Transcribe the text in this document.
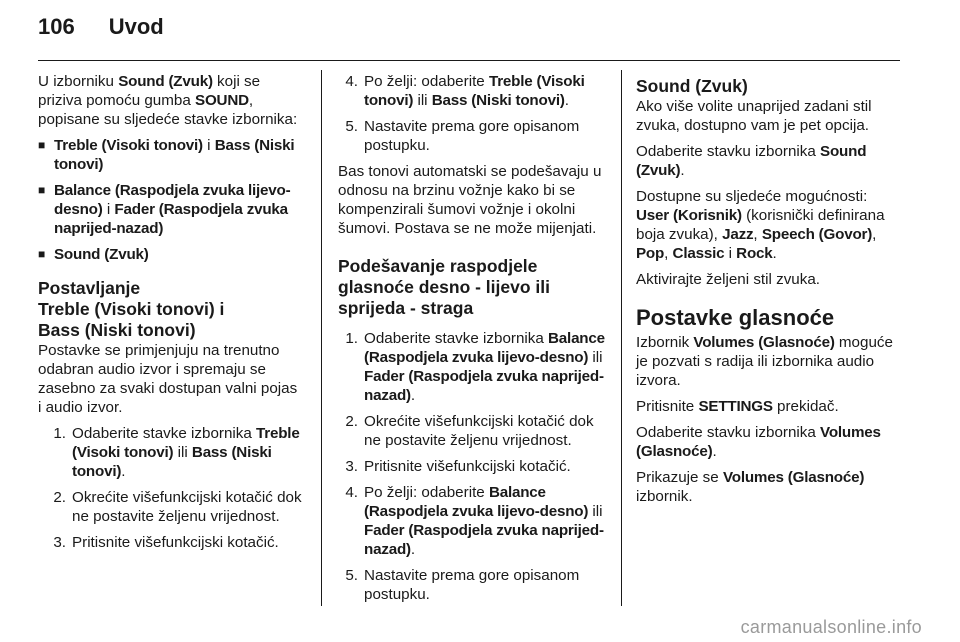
106 Uvod

U izborniku Sound (Zvuk) koji se priziva pomoću gumba SOUND, popisane su sljedeće stavke izbornika:

■ Treble (Visoki tonovi) i Bass (Niski tonovi)
■ Balance (Raspodjela zvuka lijevo-desno) i Fader (Raspodjela zvuka naprijed-nazad)
■ Sound (Zvuk)
Postavljanje
Treble (Visoki tonovi) i
Bass (Niski tonovi)

Postavke se primjenjuju na trenutno odabran audio izvor i spremaju se zasebno za svaki dostupan valni pojas i audio izvor.

1. Odaberite stavke izbornika Treble (Visoki tonovi) ili Bass (Niski tonovi).
2. Okrećite višefunkcijski kotačić dok ne postavite željenu vrijednost.
3. Pritisnite višefunkcijski kotačić.
4. Po želji: odaberite Treble (Visoki tonovi) ili Bass (Niski tonovi).
5. Nastavite prema gore opisanom postupku.

Bas tonovi automatski se podešavaju u odnosu na brzinu vožnje kako bi se kompenzirali šumovi vožnje i okolni šumovi. Postava se ne može mijenjati.

Podešavanje raspodjele glasnoće desno - lijevo ili sprijeda - straga
1. Odaberite stavke izbornika Balance (Raspodjela zvuka lijevo-desno) ili Fader (Raspodjela zvuka naprijed-nazad).
2. Okrećite višefunkcijski kotačić dok ne postavite željenu vrijednost.
3. Pritisnite višefunkcijski kotačić.
4. Po želji: odaberite Balance (Raspodjela zvuka lijevo-desno) ili Fader (Raspodjela zvuka naprijed-nazad).
5. Nastavite prema gore opisanom postupku.
Sound (Zvuk)

Ako više volite unaprijed zadani stil zvuka, dostupno vam je pet opcija.

Odaberite stavku izbornika Sound (Zvuk).

Dostupne su sljedeće mogućnosti: User (Korisnik) (korisnički definirana boja zvuka), Jazz, Speech (Govor), Pop, Classic i Rock.

Aktivirajte željeni stil zvuka.

Postavke glasnoće

Izbornik Volumes (Glasnoće) moguće je pozvati s radija ili izbornika audio izvora.

Pritisnite SETTINGS prekidač.

Odaberite stavku izbornika Volumes (Glasnoće).

Prikazuje se Volumes (Glasnoće) izbornik.

carmanualsonline.info
